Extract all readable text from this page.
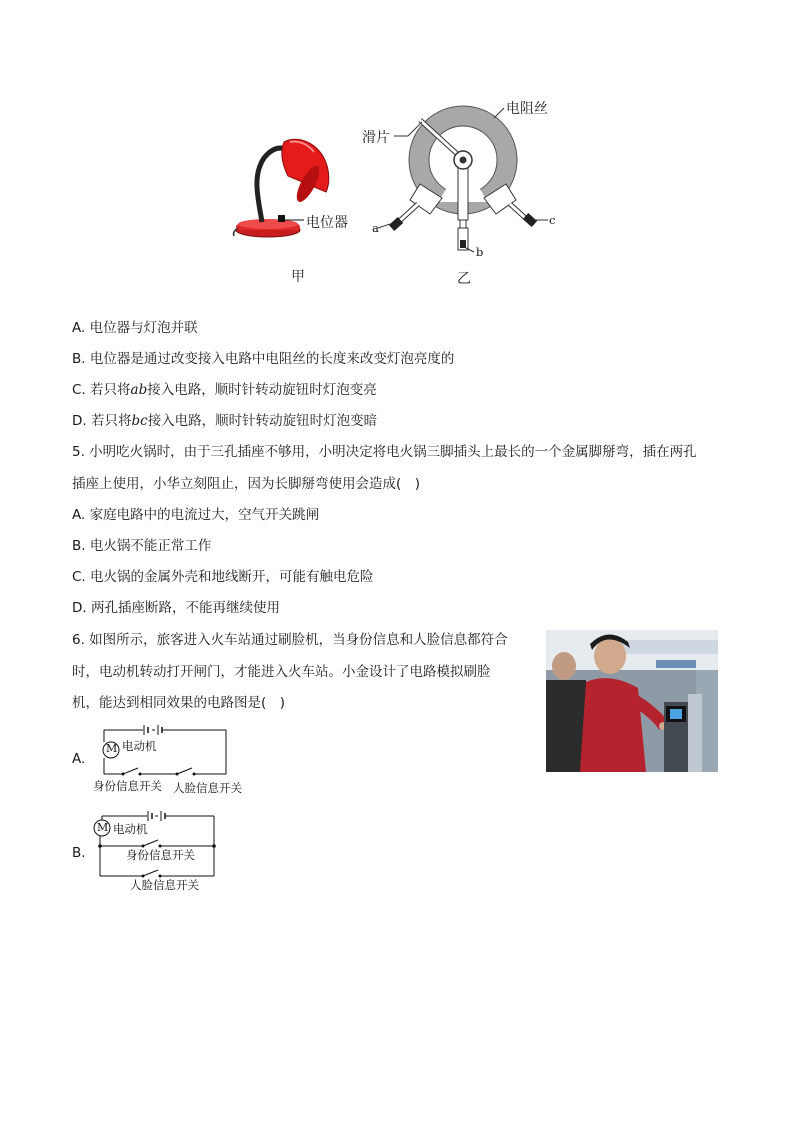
电位器
甲
电阻丝
滑片
a
b
c
乙
A. 电位器与灯泡并联
B. 电位器是通过改变接入电路中电阻丝的长度来改变灯泡亮度的
C. 若只将ab接入电路，顺时针转动旋钮时灯泡变亮
D. 若只将bc接入电路，顺时针转动旋钮时灯泡变暗
5. 小明吃火锅时，由于三孔插座不够用，小明决定将电火锅三脚插头上最长的一个金属脚掰弯，插在两孔
插座上使用，小华立刻阻止，因为长脚掰弯使用会造成(　)
A. 家庭电路中的电流过大，空气开关跳闸
B. 电火锅不能正常工作
C. 电火锅的金属外壳和地线断开，可能有触电危险
D. 两孔插座断路，不能再继续使用
6. 如图所示，旅客进入火车站通过刷脸机，当身份信息和人脸信息都符合
时，电动机转动打开闸门，才能进入火车站。小金设计了电路模拟刷脸
机，能达到相同效果的电路图是(　)
A.
M 电动机
身份信息开关 人脸信息开关
B.
M 电动机
身份信息开关
人脸信息开关
